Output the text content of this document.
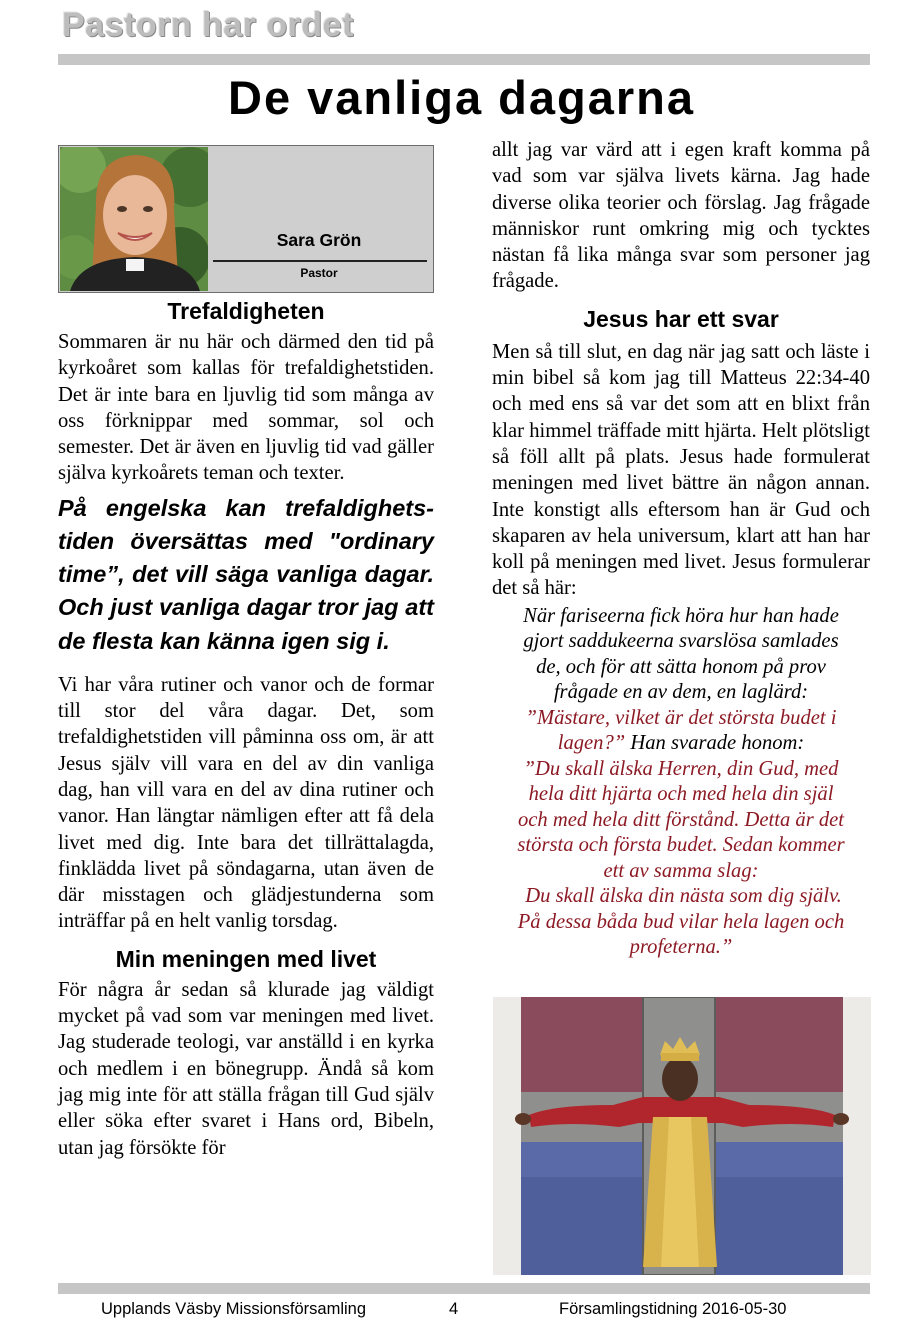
Pastorn har ordet
De vanliga dagarna
Sara Grön
Pastor
Trefaldigheten

Sommaren är nu här och därmed den tid på kyrkoåret som kallas för trefaldighetstiden. Det är inte bara en ljuvlig tid som många av oss förknippar med sommar, sol och semester. Det är även en ljuvlig tid vad gäller själva kyrkoårets teman och texter.

På engelska kan trefaldighetstiden översättas med "ordinary time”, det vill säga vanliga dagar. Och just vanliga dagar tror jag att de flesta kan känna igen sig i.

Vi har våra rutiner och vanor och de formar till stor del våra dagar. Det, som trefaldighetstiden vill påminna oss om, är att Jesus själv vill vara en del av din vanliga dag, han vill vara en del av dina rutiner och vanor. Han längtar nämligen efter att få dela livet med dig. Inte bara det tillrättalagda, finklädda livet på söndagarna, utan även de där misstagen och glädjestunderna som inträffar på en helt vanlig torsdag.

Min meningen med livet

För några år sedan så klurade jag väldigt mycket på vad som var meningen med livet. Jag studerade teologi, var anställd i en kyrka och medlem i en bönegrupp. Ändå så kom jag mig inte för att ställa frågan till Gud själv eller söka efter svaret i Hans ord, Bibeln, utan jag försökte för

allt jag var värd att i egen kraft komma på vad som var själva livets kärna. Jag hade diverse olika teorier och förslag. Jag frågade människor runt omkring mig och tycktes nästan få lika många svar som personer jag frågade.

Jesus har ett svar

Men så till slut, en dag när jag satt och läste i min bibel så kom jag till Matteus 22:34-40 och med ens så var det som att en blixt från klar himmel träffade mitt hjärta. Helt plötsligt så föll allt på plats. Jesus hade formulerat meningen med livet bättre än någon annan. Inte konstigt alls eftersom han är Gud och skaparen av hela universum, klart att han har koll på meningen med livet. Jesus formulerar det så här:

När fariseerna fick höra hur han hade
gjort saddukeerna svarslösa samlades
de, och för att sätta honom på prov
frågade en av dem, en laglärd:
”Mästare, vilket är det största budet i
lagen?” Han svarade honom:
”Du skall älska Herren, din Gud, med
hela ditt hjärta och med hela din själ
och med hela ditt förstånd. Detta är det
största och första budet. Sedan kommer
ett av samma slag:
Du skall älska din nästa som dig själv.
På dessa båda bud vilar hela lagen och
profeterna.”
Upplands Väsby Missionsförsamling	4	Församlingstidning 2016-05-30
